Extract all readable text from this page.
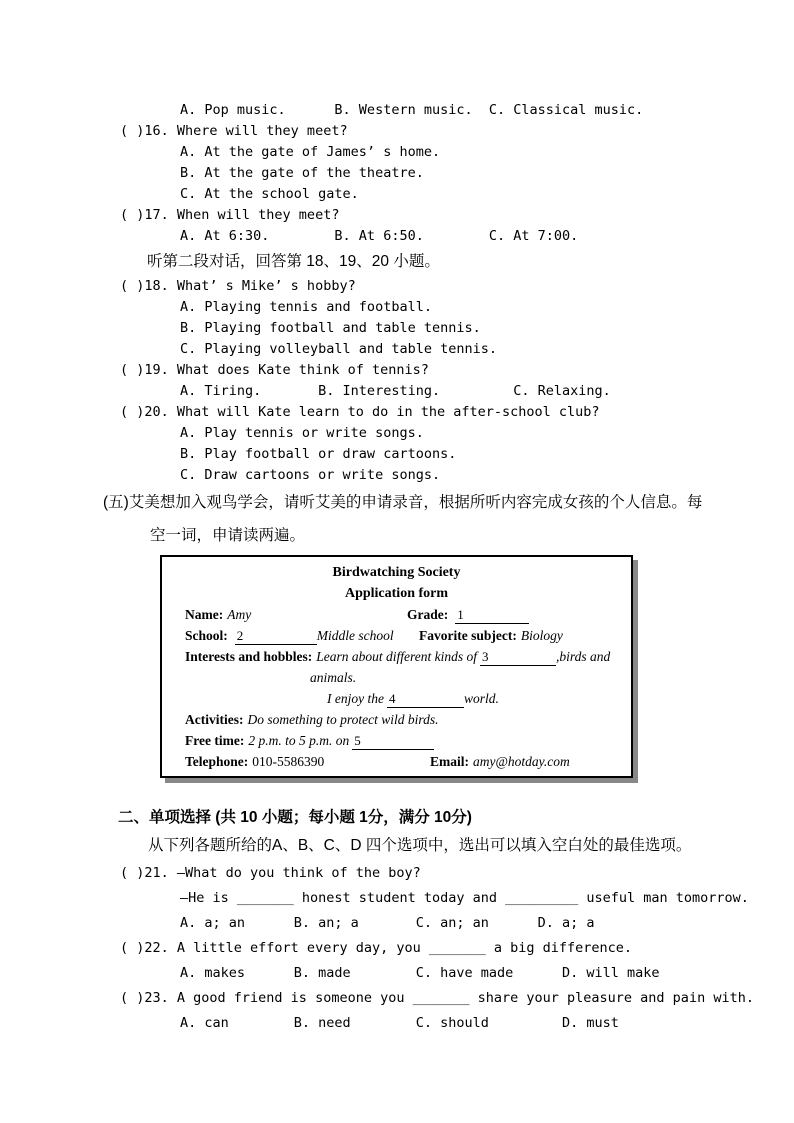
A. Pop music.      B. Western music.  C. Classical music.
( )16. Where will they meet?
A. At the gate of James’ s home.
B. At the gate of the theatre.
C. At the school gate.
( )17. When will they meet?
A. At 6:30.        B. At 6:50.        C. At 7:00.
听第二段对话，回答第 18、19、20 小题。
( )18. What’ s Mike’ s hobby?
A. Playing tennis and football.
B. Playing football and table tennis.
C. Playing volleyball and table tennis.
( )19. What does Kate think of tennis?
A. Tiring.       B. Interesting.         C. Relaxing.
( )20. What will Kate learn to do in the after-school club?
A. Play tennis or write songs.
B. Play football or draw cartoons.
C. Draw cartoons or write songs.
(五)艾美想加入观鸟学会，请听艾美的申请录音，根据所听内容完成女孩的个人信息。每
空一词，申请读两遍。
Birdwatching Society
Application form
Name: Amy	Grade: 1
School: 2	Middle school Favorite subject: Biology
Interests and hobbles: Learn about different kinds of 3	,birds and
animals.
I enjoy the 4	world.
Activities: Do something to protect wild birds.
Free time: 2 p.m. to 5 p.m. on 5
Telephone: 010-5586390	Email: amy@hotday.com
二、单项选择 (共 10 小题；每小题 1分，满分 10分)
从下列各题所给的A、B、C、D 四个选项中，选出可以填入空白处的最佳选项。
( )21. —What do you think of the boy?
—He is _______ honest student today and _________ useful man tomorrow.
A. a; an      B. an; a       C. an; an      D. a; a
( )22. A little effort every day, you _______ a big difference.
A. makes      B. made        C. have made      D. will make
( )23. A good friend is someone you _______ share your pleasure and pain with.
A. can        B. need        C. should         D. must
